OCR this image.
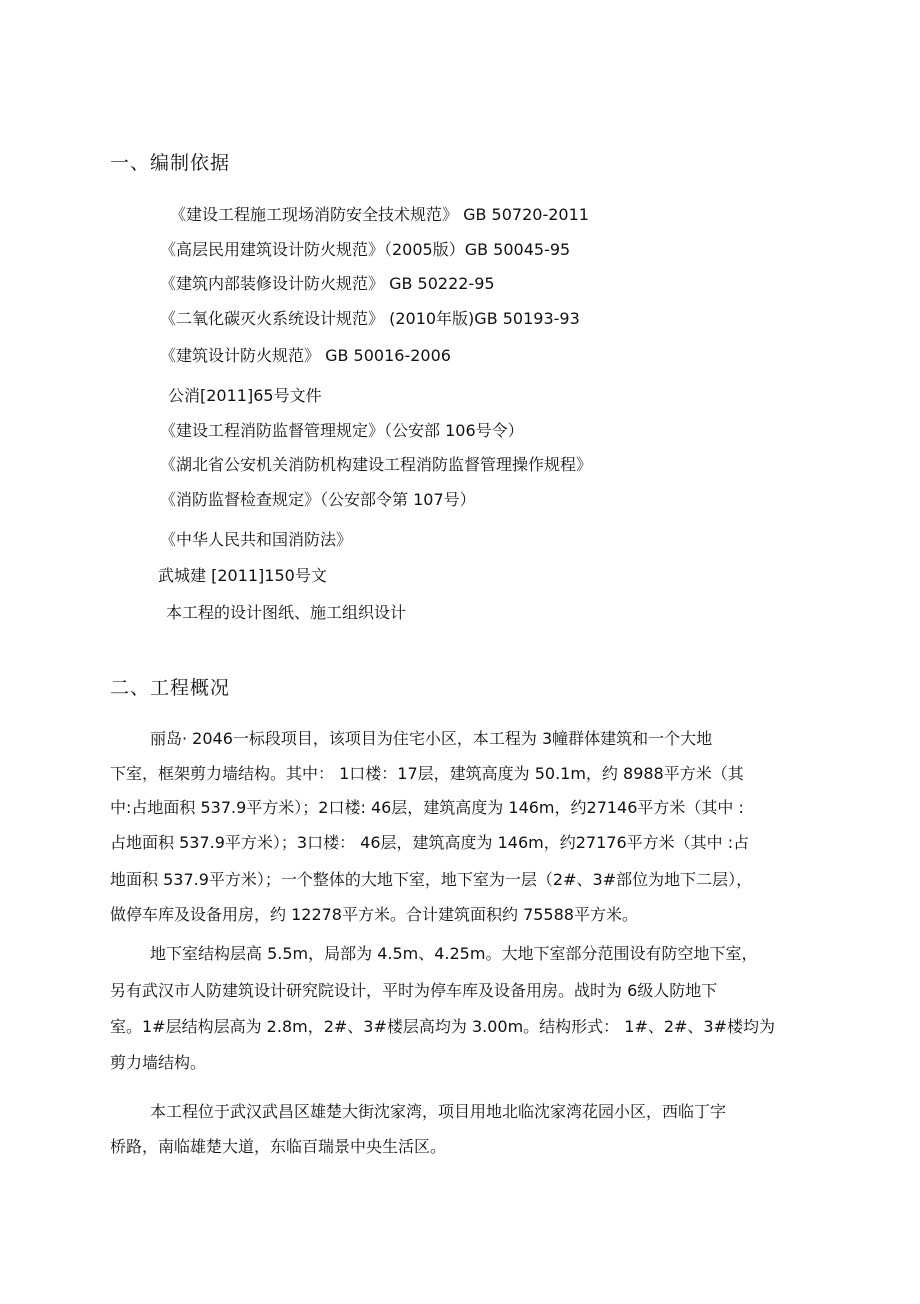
一、编制依据
《建设工程施工现场消防安全技术规范》 GB 50720-2011
《高层民用建筑设计防火规范》（2005版）GB 50045-95
《建筑内部装修设计防火规范》 GB 50222-95
《二氧化碳灭火系统设计规范》 (2010年版)GB 50193-93
《建筑设计防火规范》 GB 50016-2006
公消[2011]65号文件
《建设工程消防监督管理规定》（公安部 106号令）
《湖北省公安机关消防机构建设工程消防监督管理操作规程》
《消防监督检查规定》（公安部令第 107号）
《中华人民共和国消防法》
武城建 [2011]150号文
本工程的设计图纸、施工组织设计
二、工程概况
丽岛· 2046一标段项目，该项目为住宅小区，本工程为 3幢群体建筑和一个大地
下室，框架剪力墙结构。其中： 1口楼：17层，建筑高度为 50.1m，约 8988平方米（其
中:占地面积 537.9平方米）；2口楼: 46层，建筑高度为 146m，约27146平方米（其中 :
占地面积 537.9平方米）；3口楼： 46层，建筑高度为 146m，约27176平方米（其中 :占
地面积 537.9平方米）；一个整体的大地下室，地下室为一层（2#、3#部位为地下二层），
做停车库及设备用房，约 12278平方米。合计建筑面积约 75588平方米。
地下室结构层高 5.5m，局部为 4.5m、4.25m。大地下室部分范围设有防空地下室，
另有武汉市人防建筑设计研究院设计，平时为停车库及设备用房。战时为 6级人防地下
室。1#层结构层高为 2.8m，2#、3#楼层高均为 3.00m。结构形式： 1#、2#、3#楼均为
剪力墙结构。
本工程位于武汉武昌区雄楚大街沈家湾，项目用地北临沈家湾花园小区，西临丁字
桥路，南临雄楚大道，东临百瑞景中央生活区。
